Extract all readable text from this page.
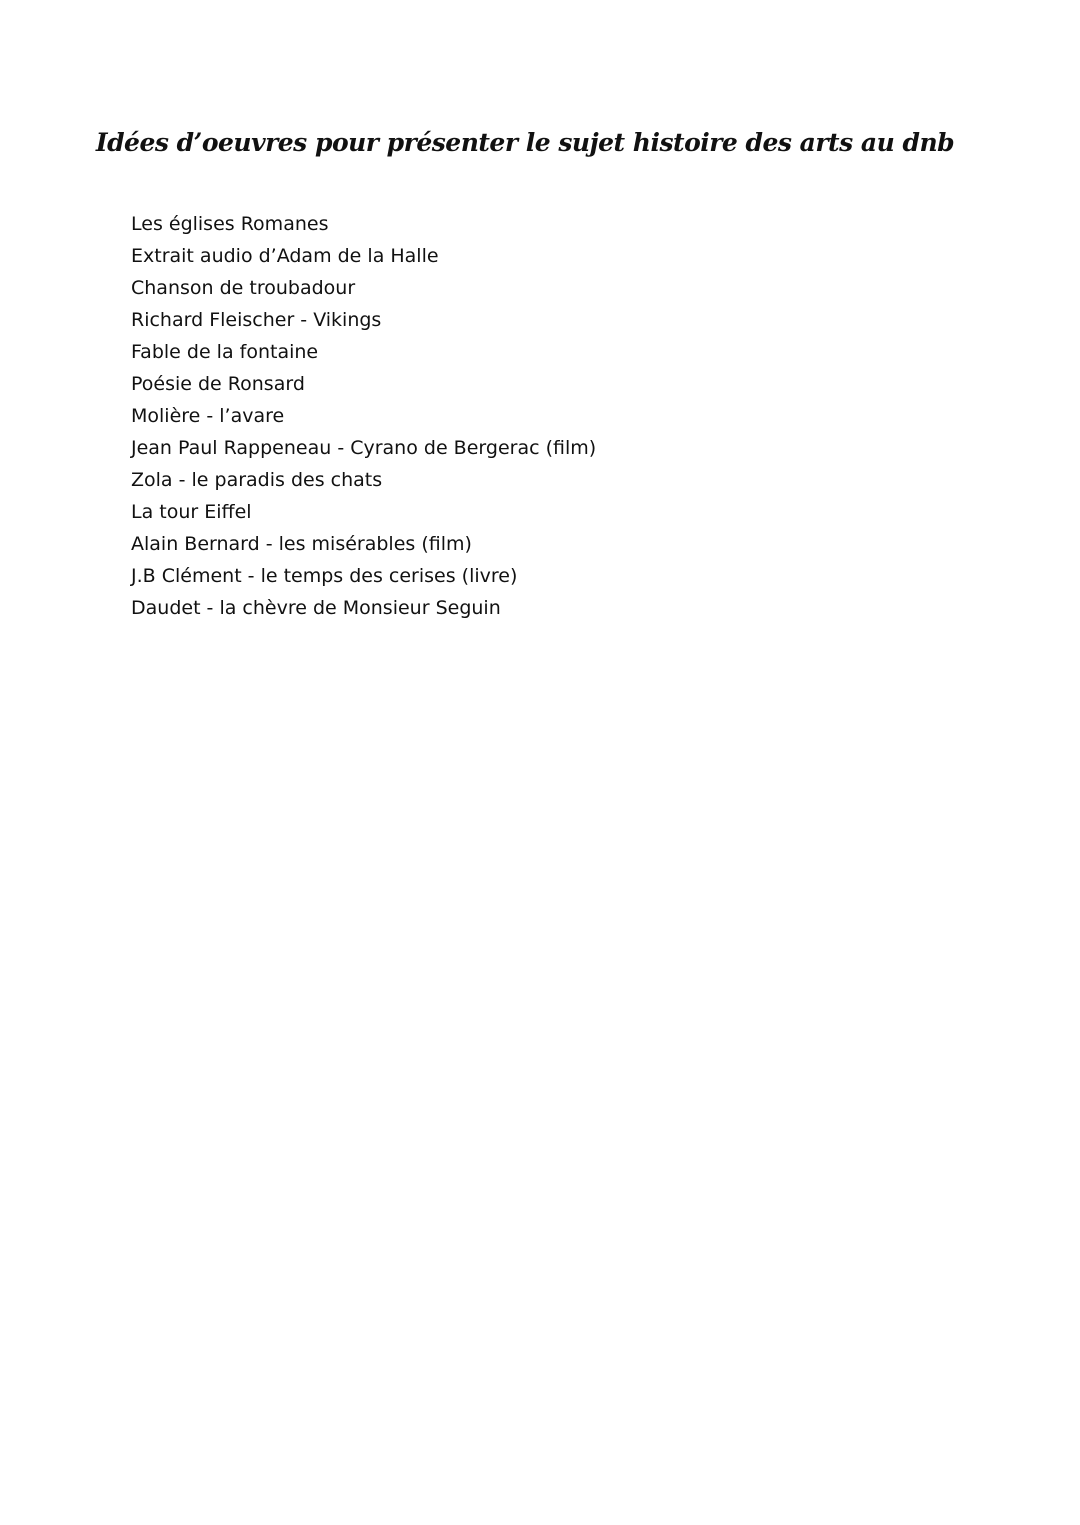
Idées d’oeuvres pour présenter le sujet histoire des arts au dnb
Les églises Romanes
Extrait audio d’Adam de la Halle
Chanson de troubadour
Richard Fleischer - Vikings
Fable de la fontaine
Poésie de Ronsard
Molière - l’avare
Jean Paul Rappeneau - Cyrano de Bergerac (film)
Zola - le paradis des chats
La tour Eiffel
Alain Bernard - les misérables (film)
J.B Clément - le temps des cerises (livre)
Daudet - la chèvre de Monsieur Seguin
